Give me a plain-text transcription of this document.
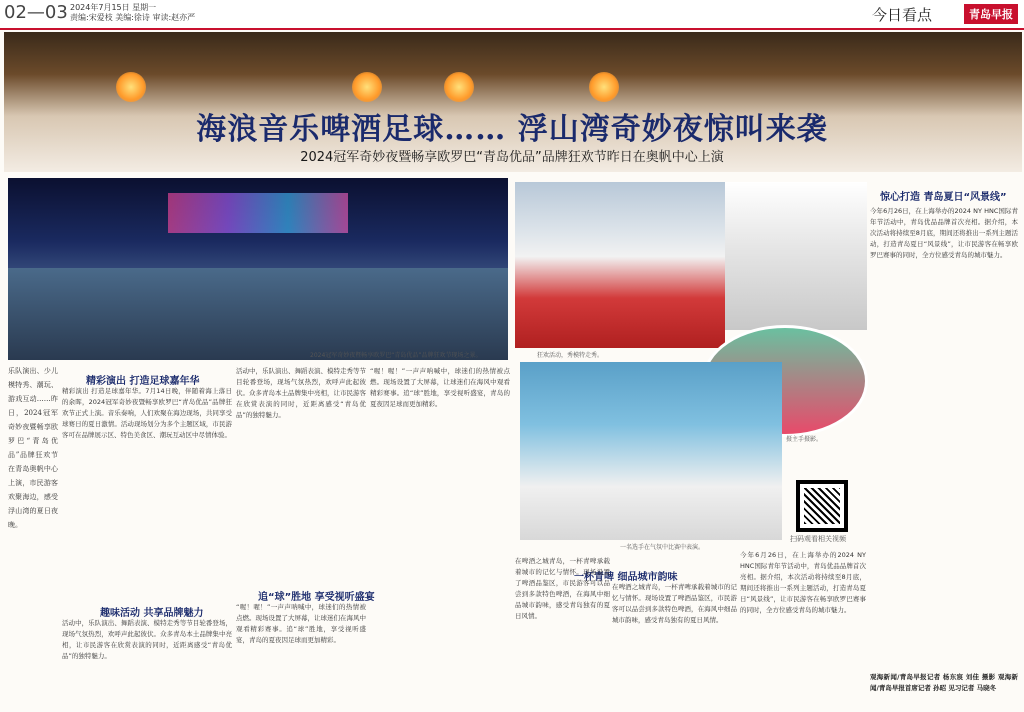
02—03 2024年7月15日 星期一
责编:宋爱枝 美编:徐诗 审读:赵亦严	今日看点	青岛早报
海浪音乐啤酒足球…… 浮山湾奇妙夜惊叫来袭
2024冠军奇妙夜暨畅享欧罗巴“青岛优品”品牌狂欢节昨日在奥帆中心上演
2024冠军奇妙夜暨畅享欧罗巴“青岛优品”品牌狂欢节现场之景。	狂欢活动，秀模特走秀。
摄主手摄影。
一名选手在气氛中比赛中表演。
扫码观看相关视频
乐队演出、少儿模特秀、潮玩、游戏互动……昨日，2024冠军奇妙夜暨畅享欧罗巴“青岛优品”品牌狂欢节在青岛奥帆中心上演，市民游客欢聚海边，感受浮山湾的夏日夜晚。
精彩演出 打造足球嘉年华
精彩演出 打造足球嘉年华。7月14日晚，伴随着海上落日的余晖，2024冠军奇妙夜暨畅享欧罗巴“青岛优品”品牌狂欢节正式上演。音乐奏响，人们欢聚在海边现场，共同享受球赛日的夏日激情。活动现场划分为多个主题区域，市民游客可在品牌展示区、特色美食区、潮玩互动区中尽情体验。
趣味活动 共享品牌魅力
活动中，乐队演出、舞蹈表演、模特走秀等节目轮番登场，现场气氛热烈，欢呼声此起彼伏。众多青岛本土品牌集中亮相，让市民游客在欣赏表演的同时，近距离感受“青岛优品”的独特魅力。
活动中，乐队演出、舞蹈表演、模特走秀等节目轮番登场，现场气氛热烈，欢呼声此起彼伏。众多青岛本土品牌集中亮相，让市民游客在欣赏表演的同时，近距离感受“青岛优品”的独特魅力。
追“球”胜地 享受视听盛宴
“喔！喔！”一声声呐喊中，球迷们的热情被点燃。现场设置了大屏幕，让球迷们在海风中观看精彩赛事。追“球”胜地，享受视听盛宴，青岛的夏夜因足球而更加精彩。
“喔！喔！”一声声呐喊中，球迷们的热情被点燃。现场设置了大屏幕，让球迷们在海风中观看精彩赛事。追“球”胜地，享受视听盛宴，青岛的夏夜因足球而更加精彩。
一杯青啤 细品城市韵味
在啤酒之城青岛，一杯青啤承载着城市的记忆与情怀。现场设置了啤酒品鉴区，市民游客可以品尝到多款特色啤酒，在海风中细品城市韵味，感受青岛独有的夏日风情。
在啤酒之城青岛，一杯青啤承载着城市的记忆与情怀。现场设置了啤酒品鉴区，市民游客可以品尝到多款特色啤酒，在海风中细品城市韵味，感受青岛独有的夏日风情。
今年6月26日，在上海举办的2024 NY HNC国际青年节活动中，青岛优品品牌首次亮相。据介绍，本次活动将持续至8月底，期间还将推出一系列主题活动，打造青岛夏日“风景线”，让市民游客在畅享欧罗巴赛事的同时，全方位感受青岛的城市魅力。
惊心打造 青岛夏日“风景线”
今年6月26日，在上海举办的2024 NY HNC国际青年节活动中，青岛优品品牌首次亮相。据介绍，本次活动将持续至8月底，期间还将推出一系列主题活动，打造青岛夏日“风景线”，让市民游客在畅享欧罗巴赛事的同时，全方位感受青岛的城市魅力。
观海新闻/青岛早报记者 杨东宸 刘佳 摄影 观海新闻/青岛早报首席记者 孙昭 见习记者 马晓冬
